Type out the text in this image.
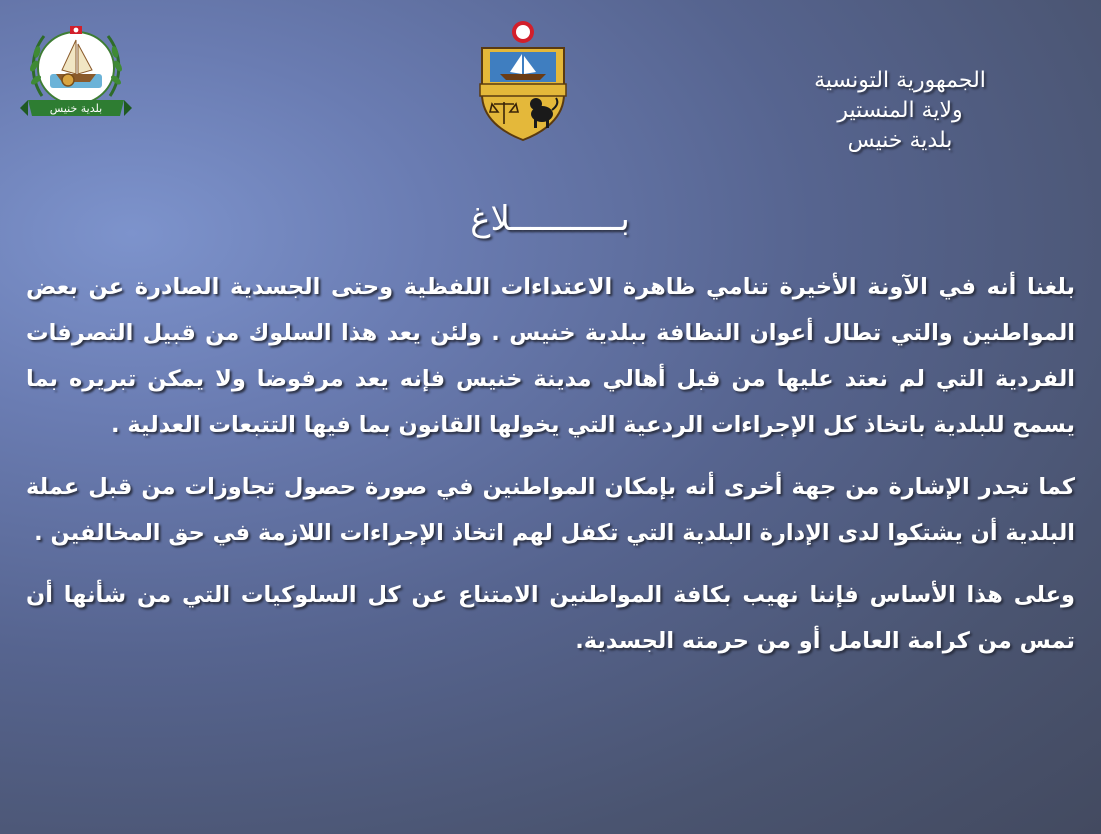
بلدية خنيس
الجمهورية التونسية
ولاية المنستير
بلدية خنيس
بـــــــــــلاغ

بلغنا أنه في الآونة الأخيرة تنامي ظاهرة الاعتداءات اللفظية وحتى الجسدية الصادرة عن بعض المواطنين والتي تطال أعوان النظافة ببلدية خنيس . ولئن يعد هذا السلوك من قبيل التصرفات الفردية التي لم نعتد عليها من قبل أهالي مدينة خنيس فإنه يعد مرفوضا ولا يمكن تبريره بما يسمح للبلدية باتخاذ كل الإجراءات الردعية التي يخولها القانون بما فيها التتبعات العدلية .

كما تجدر الإشارة من جهة أخرى أنه بإمكان المواطنين في صورة حصول تجاوزات من قبل عملة البلدية أن يشتكوا لدى الإدارة البلدية التي تكفل لهم اتخاذ الإجراءات اللازمة في حق المخالفين .

وعلى هذا الأساس فإننا نهيب بكافة المواطنين الامتناع عن كل السلوكيات التي من شأنها أن تمس من كرامة العامل أو من حرمته الجسدية.
